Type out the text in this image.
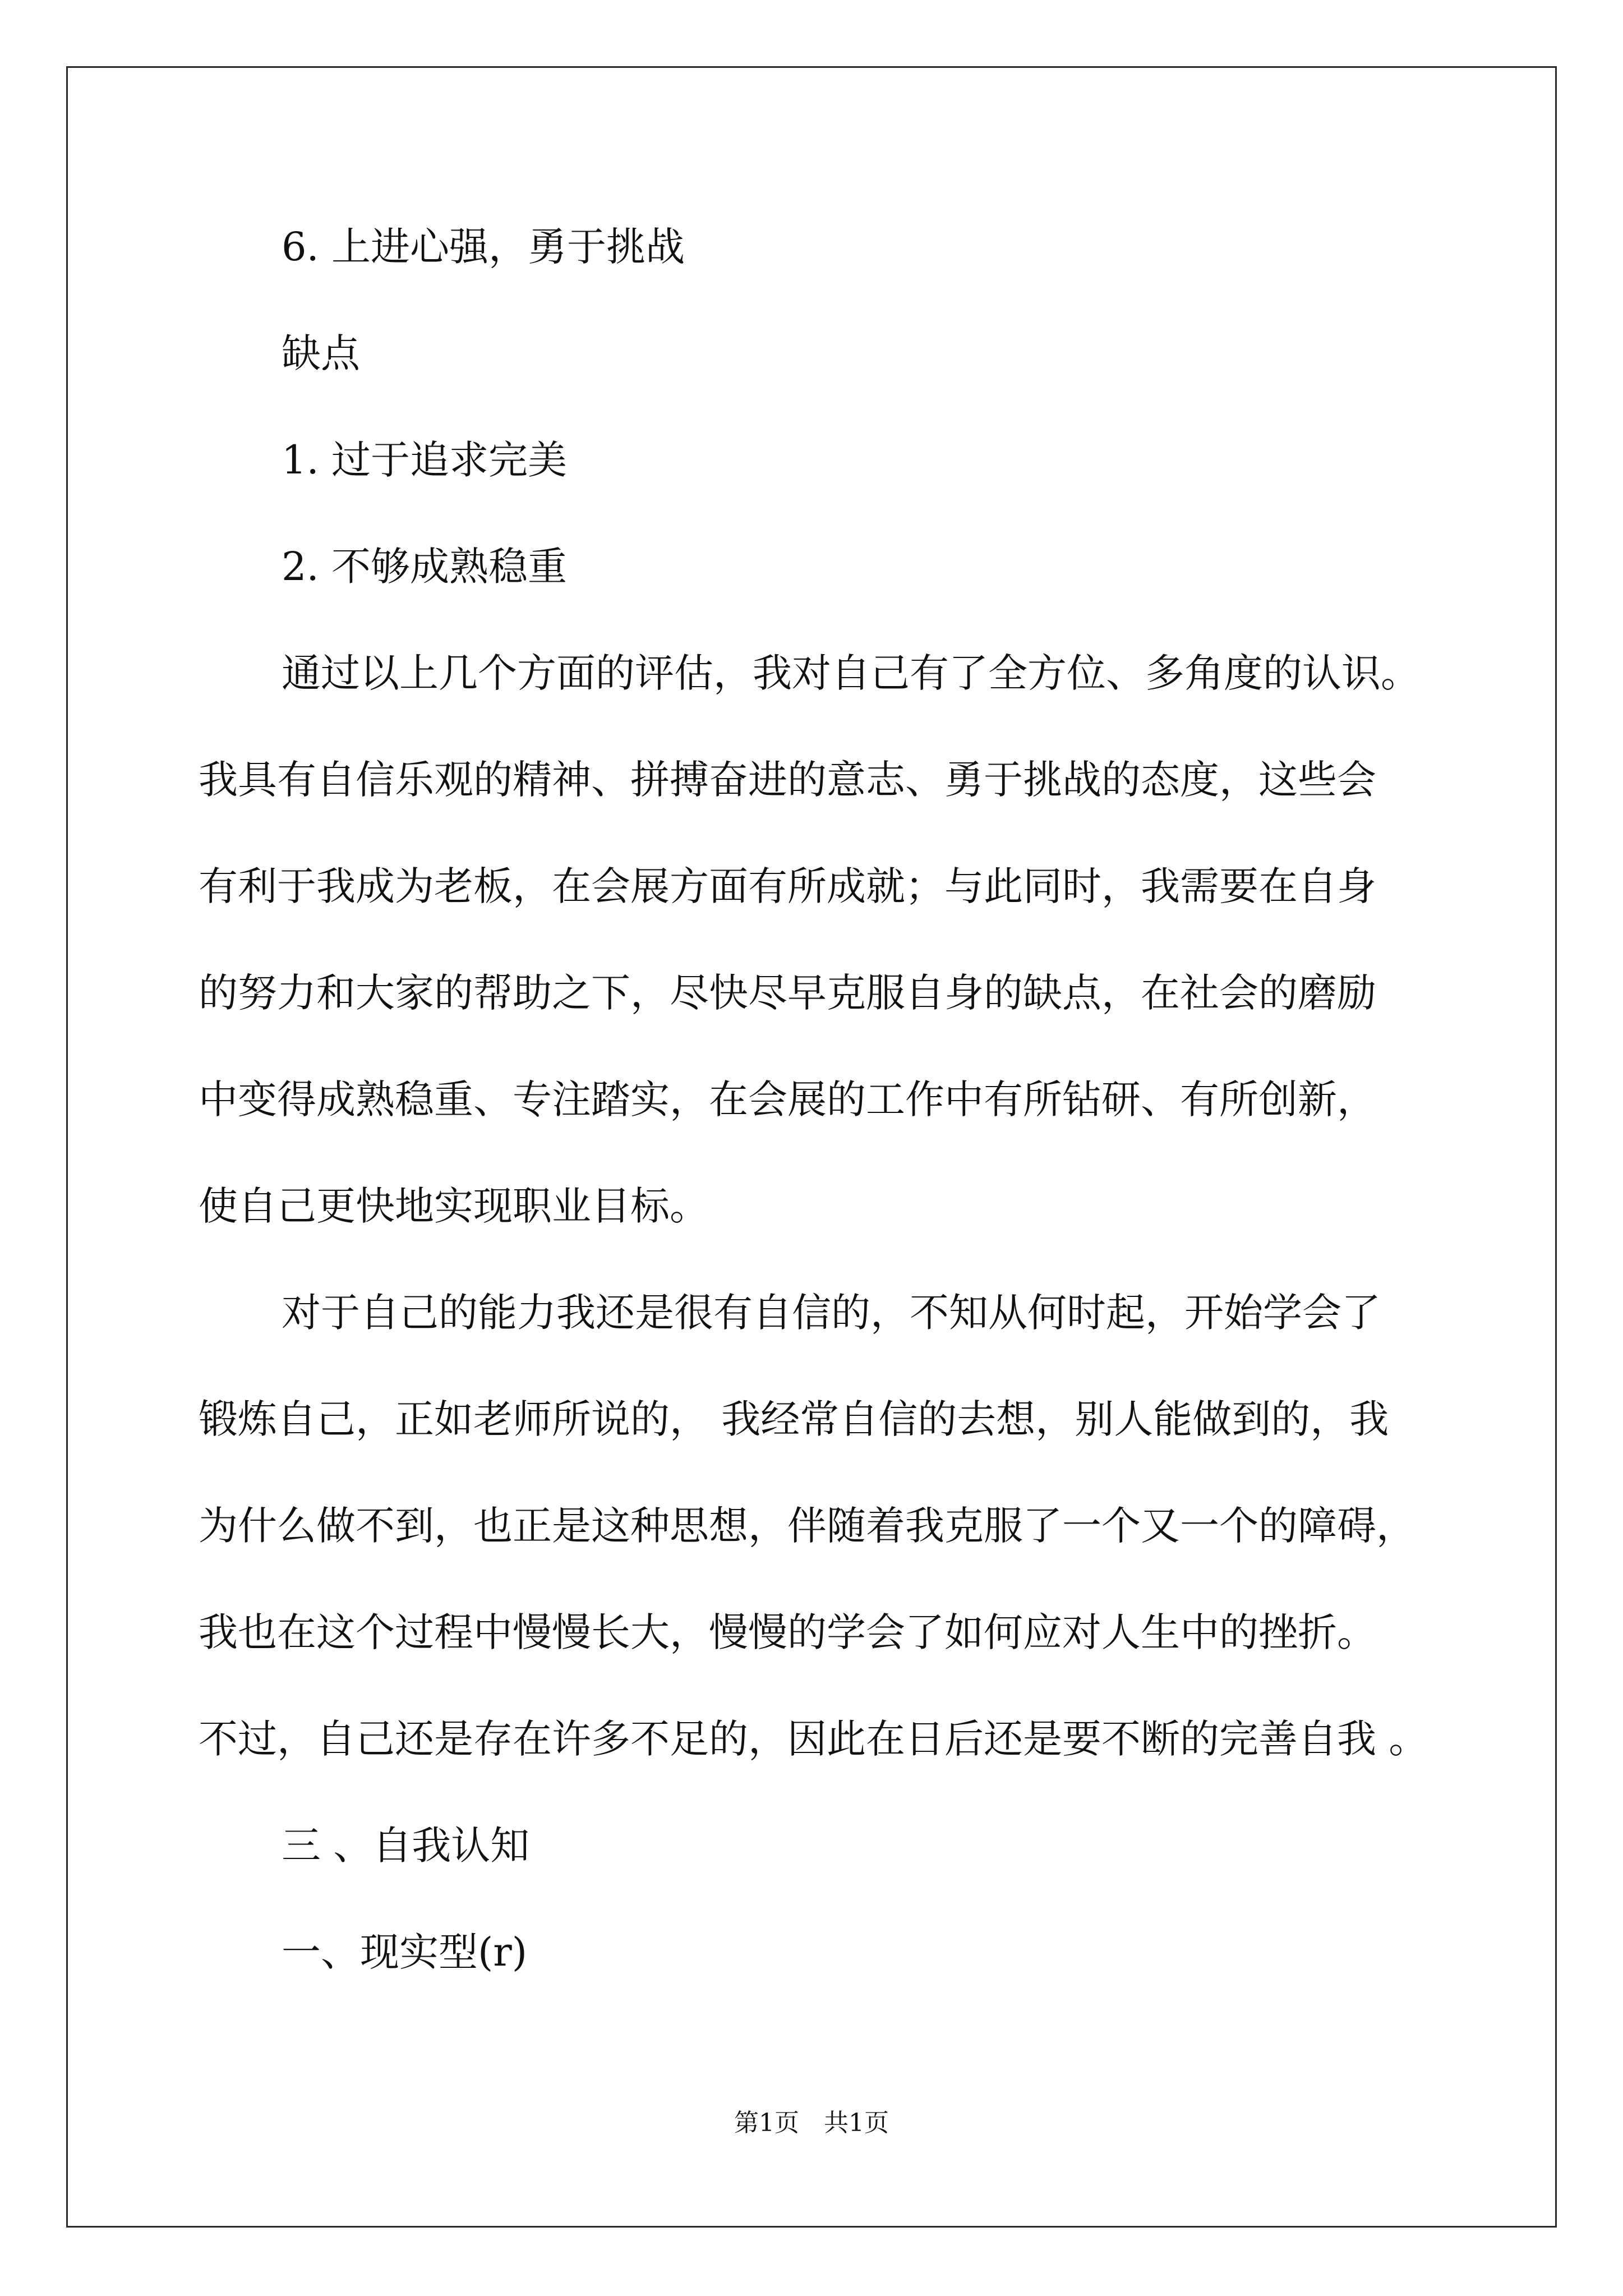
6. 上进心强，勇于挑战
缺点
1. 过于追求完美
2. 不够成熟稳重
通过以上几个方面的评估，我对自己有了全方位、多角度的认识。
我具有自信乐观的精神、拼搏奋进的意志、勇于挑战的态度，这些会
有利于我成为老板，在会展方面有所成就；与此同时，我需要在自身
的努力和大家的帮助之下，尽快尽早克服自身的缺点，在社会的磨励
中变得成熟稳重、专注踏实，在会展的工作中有所钻研、有所创新，
使自己更快地实现职业目标。
对于自己的能力我还是很有自信的，不知从何时起，开始学会了
锻炼自己，正如老师所说的， 我经常自信的去想，别人能做到的，我
为什么做不到，也正是这种思想，伴随着我克服了一个又一个的障碍，
我也在这个过程中慢慢长大，慢慢的学会了如何应对人生中的挫折。
不过，自己还是存在许多不足的，因此在日后还是要不断的完善自我 。
三 、自我认知
一、现实型(r)
第1页　共1页
